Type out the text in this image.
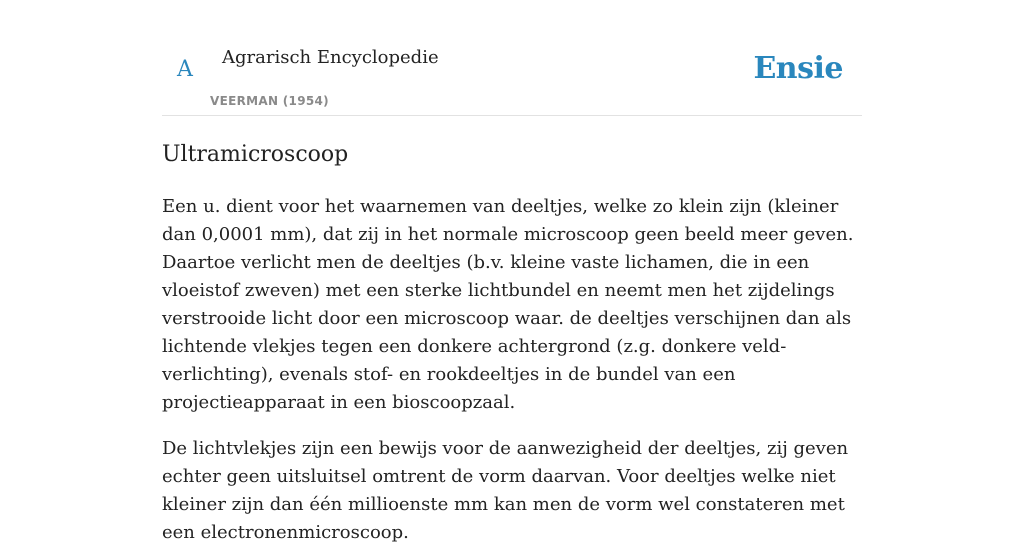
A Agrarisch Encyclopedie
VEERMAN (1954)
Ensie
Ultramicroscoop

Een u. dient voor het waarnemen van deeltjes, welke zo klein zijn (kleiner dan 0,0001 mm), dat zij in het normale microscoop geen beeld meer geven. Daartoe verlicht men de deeltjes (b.v. kleine vaste lichamen, die in een vloeistof zweven) met een sterke lichtbundel en neemt men het zijdelings verstrooide licht door een microscoop waar. de deeltjes verschijnen dan als lichtende vlekjes tegen een donkere achtergrond (z.g. donkere veld-verlichting), evenals stof- en rookdeeltjes in de bundel van een projectieapparaat in een bioscoopzaal.

De lichtvlekjes zijn een bewijs voor de aanwezigheid der deeltjes, zij geven echter geen uitsluitsel omtrent de vorm daarvan. Voor deeltjes welke niet kleiner zijn dan één millioenste mm kan men de vorm wel constateren met een electronenmicroscoop.
